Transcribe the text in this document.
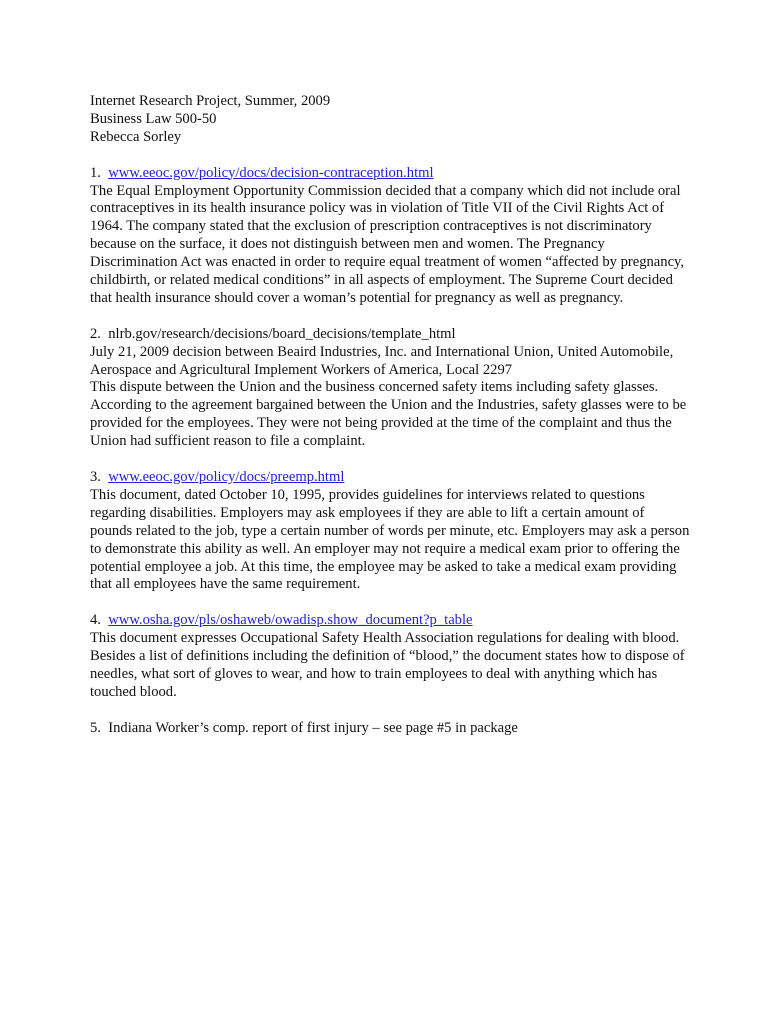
Internet Research Project, Summer, 2009
Business Law 500-50
Rebecca Sorley

1. www.eeoc.gov/policy/docs/decision-contraception.html

The Equal Employment Opportunity Commission decided that a company which did not include oral contraceptives in its health insurance policy was in violation of Title VII of the Civil Rights Act of 1964. The company stated that the exclusion of prescription contraceptives is not discriminatory because on the surface, it does not distinguish between men and women. The Pregnancy Discrimination Act was enacted in order to require equal treatment of women “affected by pregnancy, childbirth, or related medical conditions” in all aspects of employment. The Supreme Court decided that health insurance should cover a woman’s potential for pregnancy as well as pregnancy.

2. nlrb.gov/research/decisions/board_decisions/template_html

July 21, 2009 decision between Beaird Industries, Inc. and International Union, United Automobile, Aerospace and Agricultural Implement Workers of America, Local 2297

This dispute between the Union and the business concerned safety items including safety glasses. According to the agreement bargained between the Union and the Industries, safety glasses were to be provided for the employees. They were not being provided at the time of the complaint and thus the Union had sufficient reason to file a complaint.

3. www.eeoc.gov/policy/docs/preemp.html

This document, dated October 10, 1995, provides guidelines for interviews related to questions regarding disabilities. Employers may ask employees if they are able to lift a certain amount of pounds related to the job, type a certain number of words per minute, etc. Employers may ask a person to demonstrate this ability as well. An employer may not require a medical exam prior to offering the potential employee a job. At this time, the employee may be asked to take a medical exam providing that all employees have the same requirement.

4. www.osha.gov/pls/oshaweb/owadisp.show_document?p_table

This document expresses Occupational Safety Health Association regulations for dealing with blood. Besides a list of definitions including the definition of “blood,” the document states how to dispose of needles, what sort of gloves to wear, and how to train employees to deal with anything which has touched blood.

5. Indiana Worker’s comp. report of first injury – see page #5 in package
